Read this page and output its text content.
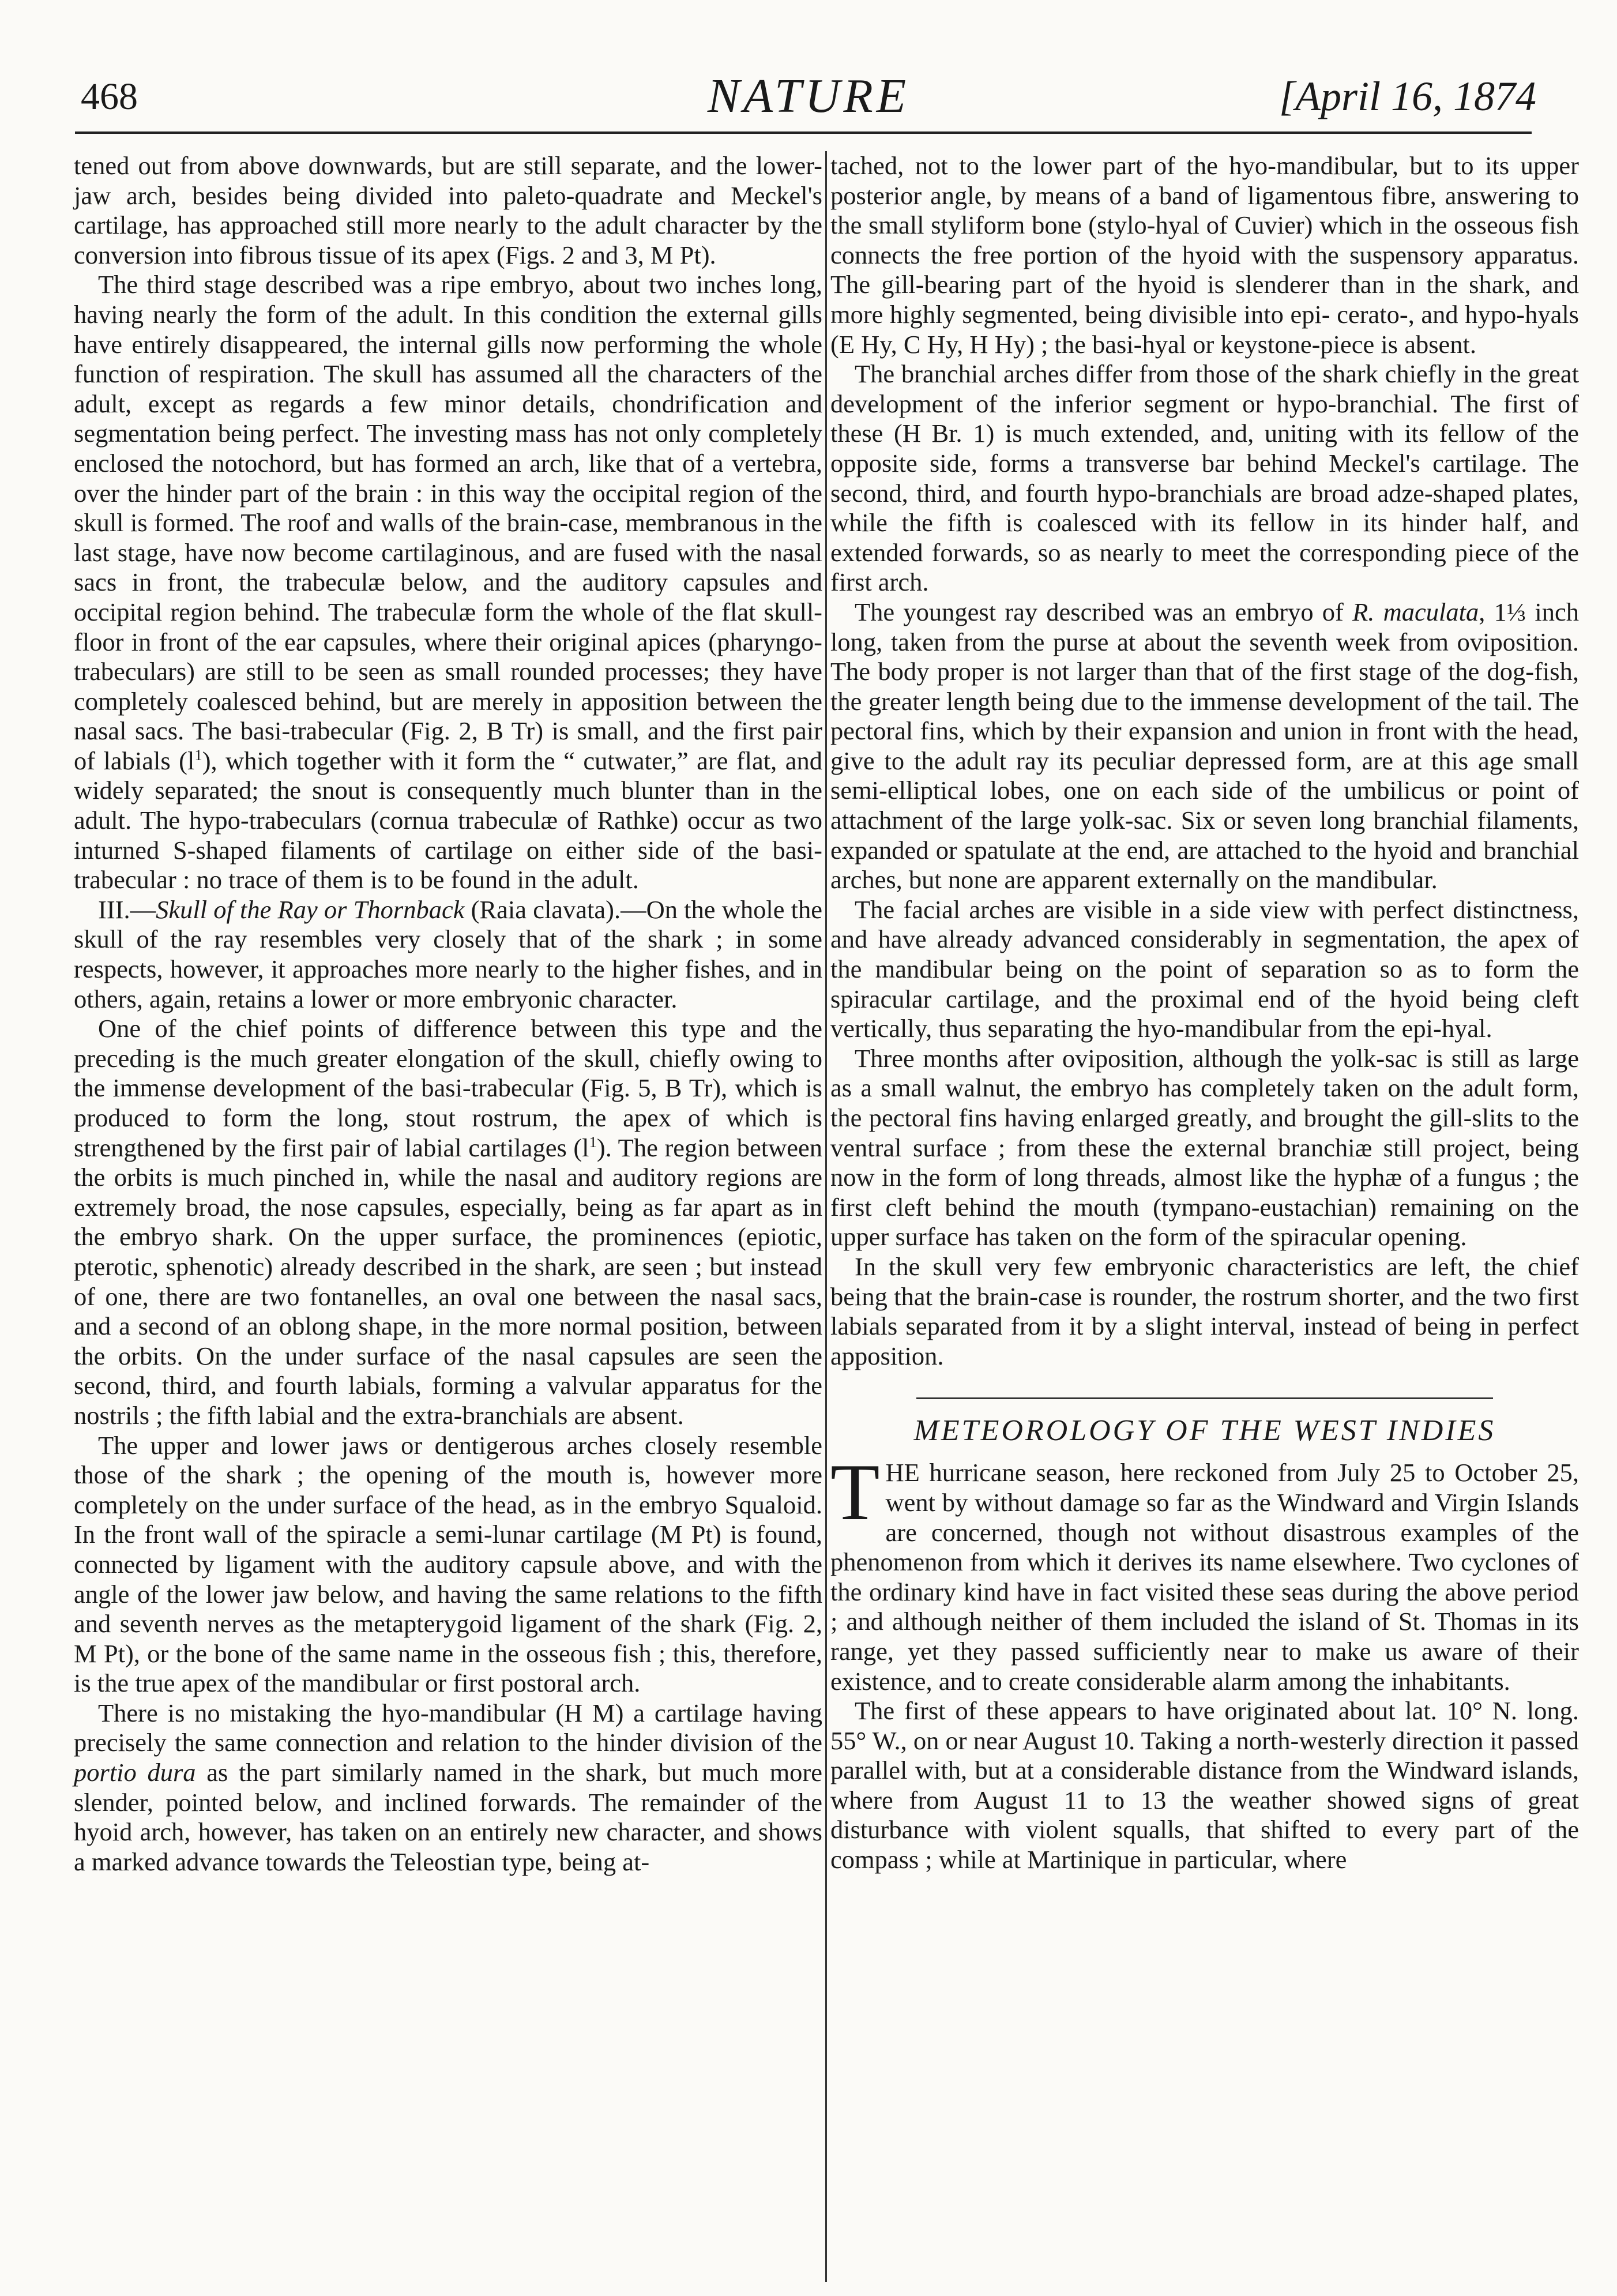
468	NATURE	[April 16, 1874

tened out from above downwards, but are still separate, and the lower-jaw arch, besides being divided into paleto-quadrate and Meckel's cartilage, has approached still more nearly to the adult character by the conversion into fibrous tissue of its apex (Figs. 2 and 3, M Pt).

The third stage described was a ripe embryo, about two inches long, having nearly the form of the adult. In this condition the external gills have entirely disappeared, the internal gills now performing the whole function of respiration. The skull has assumed all the characters of the adult, except as regards a few minor details, chondrification and segmentation being perfect. The investing mass has not only completely enclosed the notochord, but has formed an arch, like that of a vertebra, over the hinder part of the brain : in this way the occipital region of the skull is formed. The roof and walls of the brain-case, membranous in the last stage, have now become cartilaginous, and are fused with the nasal sacs in front, the trabeculæ below, and the auditory capsules and occipital region behind. The trabeculæ form the whole of the flat skull-floor in front of the ear capsules, where their original apices (pharyngo-trabeculars) are still to be seen as small rounded processes; they have completely coalesced behind, but are merely in apposition between the nasal sacs. The basi-trabecular (Fig. 2, B Tr) is small, and the first pair of labials $(l^1)$, which together with it form the “ cutwater,” are flat, and widely separated; the snout is consequently much blunter than in the adult. The hypo-trabeculars (cornua trabeculæ of Rathke) occur as two inturned S-shaped filaments of cartilage on either side of the basi-trabecular : no trace of them is to be found in the adult.

III.—Skull of the Ray or Thornback (Raia clavata).—On the whole the skull of the ray resembles very closely that of the shark ; in some respects, however, it approaches more nearly to the higher fishes, and in others, again, retains a lower or more embryonic character.

One of the chief points of difference between this type and the preceding is the much greater elongation of the skull, chiefly owing to the immense development of the basi-trabecular (Fig. 5, B Tr), which is produced to form the long, stout rostrum, the apex of which is strengthened by the first pair of labial cartilages $(l^1)$. The region between the orbits is much pinched in, while the nasal and auditory regions are extremely broad, the nose capsules, especially, being as far apart as in the embryo shark. On the upper surface, the prominences (epiotic, pterotic, sphenotic) already described in the shark, are seen ; but instead of one, there are two fontanelles, an oval one between the nasal sacs, and a second of an oblong shape, in the more normal position, between the orbits. On the under surface of the nasal capsules are seen the second, third, and fourth labials, forming a valvular apparatus for the nostrils ; the fifth labial and the extra-branchials are absent.

The upper and lower jaws or dentigerous arches closely resemble those of the shark ; the opening of the mouth is, however more completely on the under surface of the head, as in the embryo Squaloid. In the front wall of the spiracle a semi-lunar cartilage (M Pt) is found, connected by ligament with the auditory capsule above, and with the angle of the lower jaw below, and having the same relations to the fifth and seventh nerves as the metapterygoid ligament of the shark (Fig. 2, M Pt), or the bone of the same name in the osseous fish ; this, therefore, is the true apex of the mandibular or first postoral arch.

There is no mistaking the hyo-mandibular (H M) a cartilage having precisely the same connection and relation to the hinder division of the portio dura as the part similarly named in the shark, but much more slender, pointed below, and inclined forwards. The remainder of the hyoid arch, however, has taken on an entirely new character, and shows a marked advance towards the Teleostian type, being at-

tached, not to the lower part of the hyo-mandibular, but to its upper posterior angle, by means of a band of ligamentous fibre, answering to the small styliform bone (stylo-hyal of Cuvier) which in the osseous fish connects the free portion of the hyoid with the suspensory apparatus. The gill-bearing part of the hyoid is slenderer than in the shark, and more highly segmented, being divisible into epi- cerato-, and hypo-hyals (E Hy, C Hy, H Hy) ; the basi-hyal or keystone-piece is absent.

The branchial arches differ from those of the shark chiefly in the great development of the inferior segment or hypo-branchial. The first of these (H Br. 1) is much extended, and, uniting with its fellow of the opposite side, forms a transverse bar behind Meckel's cartilage. The second, third, and fourth hypo-branchials are broad adze-shaped plates, while the fifth is coalesced with its fellow in its hinder half, and extended forwards, so as nearly to meet the corresponding piece of the first arch.

The youngest ray described was an embryo of R. maculata, 1⅓ inch long, taken from the purse at about the seventh week from oviposition. The body proper is not larger than that of the first stage of the dog-fish, the greater length being due to the immense development of the tail. The pectoral fins, which by their expansion and union in front with the head, give to the adult ray its peculiar depressed form, are at this age small semi-elliptical lobes, one on each side of the umbilicus or point of attachment of the large yolk-sac. Six or seven long branchial filaments, expanded or spatulate at the end, are attached to the hyoid and branchial arches, but none are apparent externally on the mandibular.

The facial arches are visible in a side view with perfect distinctness, and have already advanced considerably in segmentation, the apex of the mandibular being on the point of separation so as to form the spiracular cartilage, and the proximal end of the hyoid being cleft vertically, thus separating the hyo-mandibular from the epi-hyal.

Three months after oviposition, although the yolk-sac is still as large as a small walnut, the embryo has completely taken on the adult form, the pectoral fins having enlarged greatly, and brought the gill-slits to the ventral surface ; from these the external branchiæ still project, being now in the form of long threads, almost like the hyphæ of a fungus ; the first cleft behind the mouth (tympano-eustachian) remaining on the upper surface has taken on the form of the spiracular opening.

In the skull very few embryonic characteristics are left, the chief being that the brain-case is rounder, the rostrum shorter, and the two first labials separated from it by a slight interval, instead of being in perfect apposition.

METEOROLOGY OF THE WEST INDIES

THE hurricane season, here reckoned from July 25 to October 25, went by without damage so far as the Windward and Virgin Islands are concerned, though not without disastrous examples of the phenomenon from which it derives its name elsewhere. Two cyclones of the ordinary kind have in fact visited these seas during the above period ; and although neither of them included the island of St. Thomas in its range, yet they passed sufficiently near to make us aware of their existence, and to create considerable alarm among the inhabitants.

The first of these appears to have originated about lat. 10° N. long. 55° W., on or near August 10. Taking a north-westerly direction it passed parallel with, but at a considerable distance from the Windward islands, where from August 11 to 13 the weather showed signs of great disturbance with violent squalls, that shifted to every part of the compass ; while at Martinique in particular, where
